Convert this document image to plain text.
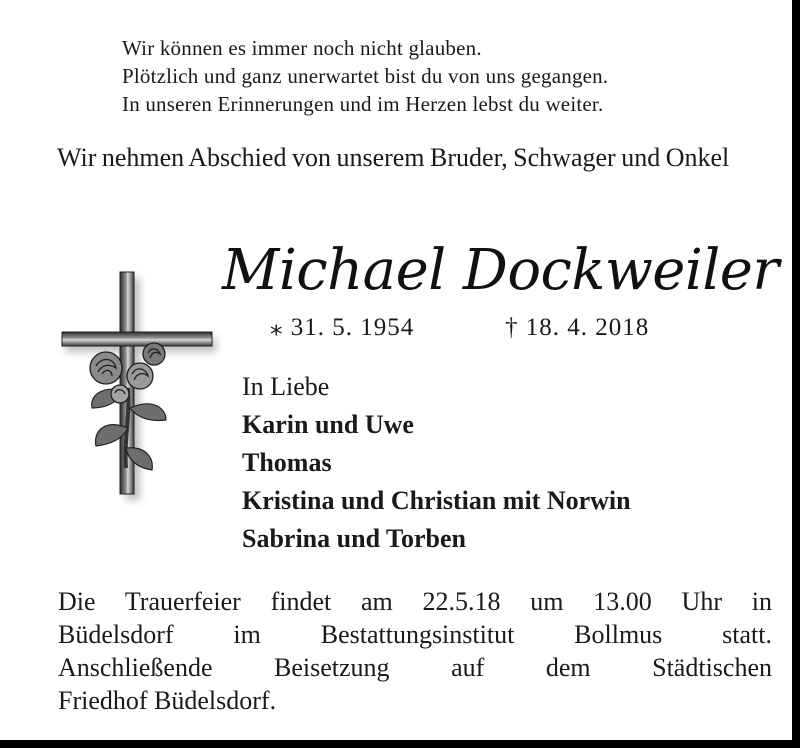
Wir können es immer noch nicht glauben.
Plötzlich und ganz unerwartet bist du von uns gegangen.
In unseren Erinnerungen und im Herzen lebst du weiter.
Wir nehmen Abschied von unserem Bruder, Schwager und Onkel
Michael Dockweiler
⁎ 31. 5. 1954	† 18. 4. 2018
In Liebe
Karin und Uwe
Thomas
Kristina und Christian mit Norwin
Sabrina und Torben
Die Trauerfeier findet am 22.5.18 um 13.00 Uhr in
Büdelsdorf im Bestattungsinstitut Bollmus statt.
Anschließende Beisetzung auf dem Städtischen
Friedhof Büdelsdorf.
